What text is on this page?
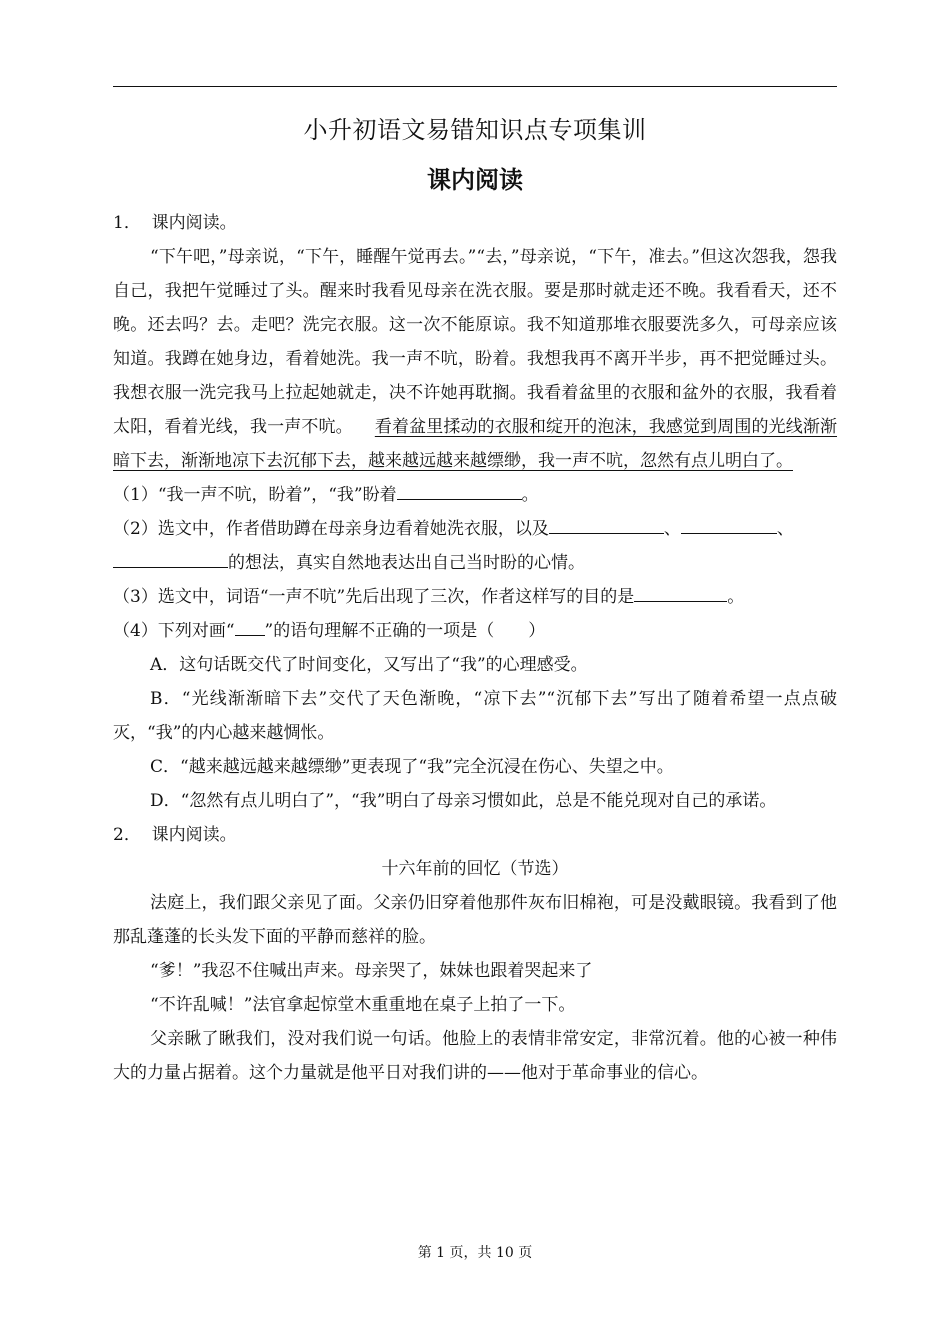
小升初语文易错知识点专项集训
课内阅读

1． 课内阅读。

“下午吧，”母亲说，“下午，睡醒午觉再去。”“去，”母亲说，“下午，准去。”但这次怨我，怨我自己，我把午觉睡过了头。醒来时我看见母亲在洗衣服。要是那时就走还不晚。我看看天，还不晚。还去吗？去。走吧？洗完衣服。这一次不能原谅。我不知道那堆衣服要洗多久，可母亲应该知道。我蹲在她身边，看着她洗。我一声不吭，盼着。我想我再不离开半步，再不把觉睡过头。我想衣服一洗完我马上拉起她就走，决不许她再耽搁。我看着盆里的衣服和盆外的衣服，我看着太阳，看着光线，我一声不吭。 看着盆里揉动的衣服和绽开的泡沫，我感觉到周围的光线渐渐暗下去，渐渐地凉下去沉郁下去，越来越远越来越缥缈，我一声不吭，忽然有点儿明白了。

（1）“我一声不吭，盼着”，“我”盼着	。

（2）选文中，作者借助蹲在母亲身边看着她洗衣服，以及	、	、
的想法，真实自然地表达出自己当时盼的心情。

（3）选文中，词语“一声不吭”先后出现了三次，作者这样写的目的是	。

（4）下列对画“ ”的语句理解不正确的一项是（　　）

A．这句话既交代了时间变化，又写出了“我”的心理感受。

B．“光线渐渐暗下去”交代了天色渐晚，“凉下去”“沉郁下去”写出了随着希望一点点破灭，“我”的内心越来越惆怅。

C．“越来越远越来越缥缈”更表现了“我”完全沉浸在伤心、失望之中。

D．“忽然有点儿明白了”，“我”明白了母亲习惯如此，总是不能兑现对自己的承诺。

2． 课内阅读。

十六年前的回忆（节选）

法庭上，我们跟父亲见了面。父亲仍旧穿着他那件灰布旧棉袍，可是没戴眼镜。我看到了他那乱蓬蓬的长头发下面的平静而慈祥的脸。

“爹！”我忍不住喊出声来。母亲哭了，妹妹也跟着哭起来了

“不许乱喊！”法官拿起惊堂木重重地在桌子上拍了一下。

父亲瞅了瞅我们，没对我们说一句话。他脸上的表情非常安定，非常沉着。他的心被一种伟大的力量占据着。这个力量就是他平日对我们讲的——他对于革命事业的信心。

第 1 页，共 10 页
